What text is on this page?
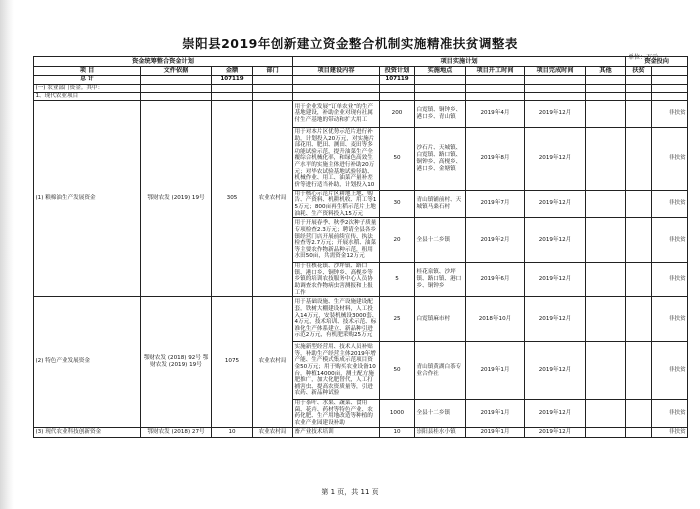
崇阳县2019年创新建立资金整合机制实施精准扶贫调整表
单位：万元
资金统筹整合资金计划				项目实施计划						资金投向	
项 目	文件依据	金额	部门	项目建设内容	投资计划	实施地点	项目开工时间	项目完成时间	其他	扶贫	
总 计		107119			107119						
(一) 农业部门资金。其中：											
1、现代农业项目											
(1) 粮棉油生产发展资金	鄂财农发 (2019) 19号	305	农业农村局	用于企业发展“订单农业”的生产基地建设，补助企业对现有社属付生产基地的带动和扩大用工	200	白霓镇、铜钟乡、港口乡、青山镇	2019年4月	2019年12月			非扶贫
				用于对本片区优势示范片进行补助，计划投入20万元，对实施片部花用、肥田、测田、麦田等多功能试验示范，提升油菜生产全覆综合机械化率，和绿色高效生产水平的实施主体进行补助20万元；对毕农试验基地试验径助、机械作业、用工、油菜产量补差价等进行适当补助，计划投入10	50	沙石片、天城镇、白霓镇、路口镇、铜钟乡、高枧乡、港口乡、金塘镇	2019年8月	2019年12月			非扶贫
				用于核心示范片区耕地上地、购告、产资料、机耕机收、用工等15万元；800亩再生稻示范片上地油耗、生产资料投入15万元	30	青山镇铺前村、天城镇马桑石村	2019年7月	2019年12月			非扶贫
				用于开展春季、秋季2次种子质量专项检查2.3万元；聘请全县各乡镇经营门店开展前续宣传、执法检查等2.7万元；开展水稻、油菜等主要农作物新品种示范，租用水田50亩，共需资金12万元	20	全县十二乡镇	2019年2月	2019年12月			非扶贫
				用于在核花镇、沙坪镇、路口镇、港口乡、铜钟乡、高枧乡等乡镇的培训农技服务中心人员协助调查农作物病虫害测报和上报工作	5	桂花泉镇、沙坪镇、路口镇、港口乡、铜钟乡	2019年6月	2019年12月			非扶贫
(2) 特色产业发展资金	鄂财农发 (2018) 92号 鄂财农发 (2019) 19号	1075	农业农村局	用于基础设施、生产设施建设配套，铁树大棚建设材料，人工投入14万元，安装机械设3000套、4万元，技术培训、技术示范、标准化生产体系建立、新品种引进示范2万元，有机肥采购25万元	25	白霓镇麻市村	2018年10月	2019年12月			非扶贫
				实施新型经营用、技术人员补贴等，补助生产经营主体2019年增产能、生产模式集成示范项目资金50万元；用于购买农业设备10台，种植14000亩，测土配方施肥推广，加大化肥替代，人工打捕害虫、提高农资质量等，引进农药、新品种试验	50	青山镇黄湖白茶专业合作社	2019年1月	2019年12月			非扶贫
				用于茶叶、水果、蔬菜、食用菌、花卉、药材等特色产业、农药化肥、生产用地改造等种植的农业产业园建设补助	1000	全县十二乡镇	2019年1月	2019年12月			非扶贫
(3) 现代农业科技创新资金	鄂财农发 (2018) 27号	10	农业农村局	畜产业技术培训	10	崇阳县桂水小镇	2019年1月	2019年12月			非扶贫
第 1 页，共 11 页
